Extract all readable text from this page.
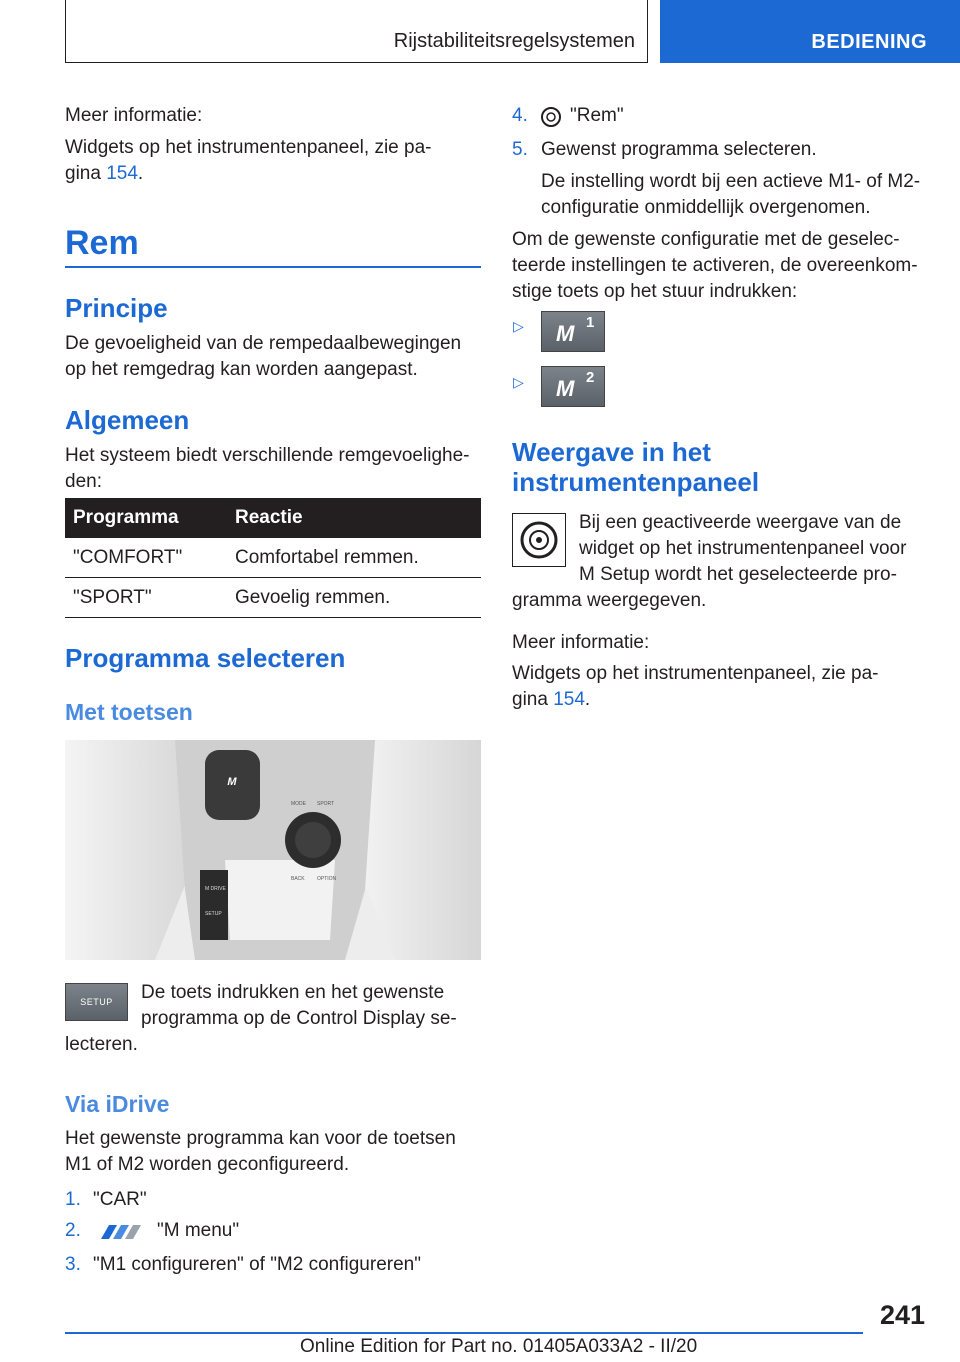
Rijstabiliteitsregelsystemen	BEDIENING

Meer informatie:

Widgets op het instrumentenpaneel, zie pa-

gina 154.

Rem
Principe

De gevoeligheid van de rempedaalbewegingen

op het remgedrag kan worden aangepast.

Algemeen

Het systeem biedt verschillende remgevoelighe-

den:

Programma	Reactie
"COMFORT"	Comfortabel remmen.
"SPORT"	Gevoelig remmen.
Programma selecteren
Met toetsen
M
MODE SPORT
BACK OPTION
M DRIVE
SETUP
SETUP	De toets indrukken en het gewenste

programma op de Control Display se-

lecteren.

Via iDrive

Het gewenste programma kan voor de toetsen

M1 of M2 worden geconfigureerd.

1. "CAR"
2.	"M menu"
3. "M1 configureren" of "M2 configureren"
4. "Rem"
5. Gewenst programma selecteren.

De instelling wordt bij een actieve M1- of M2-

configuratie onmiddellijk overgenomen.

Om de gewenste configuratie met de geselec-

teerde instellingen te activeren, de overeenkom-

stige toets op het stuur indrukken:

▷ M 1
▷ M 2
Weergave in het
instrumentenpaneel

Bij een geactiveerde weergave van de

widget op het instrumentenpaneel voor

M Setup wordt het geselecteerde pro-

gramma weergegeven.

Meer informatie:

Widgets op het instrumentenpaneel, zie pa-

gina 154.

241
Online Edition for Part no. 01405A033A2 - II/20
